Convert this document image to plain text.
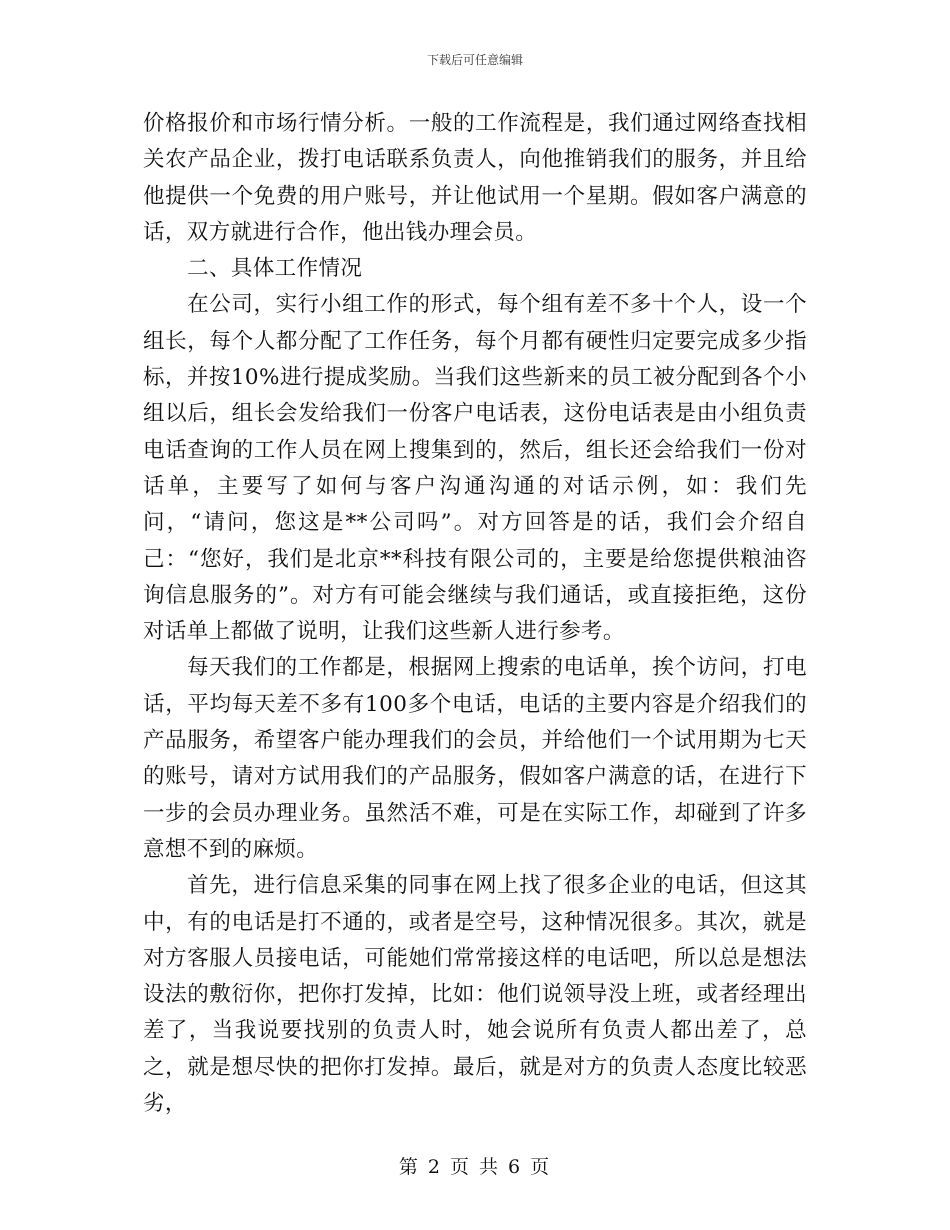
下载后可任意编辑

价格报价和市场行情分析。一般的工作流程是，我们通过网络查找相关农产品企业，拨打电话联系负责人，向他推销我们的服务，并且给他提供一个免费的用户账号，并让他试用一个星期。假如客户满意的话，双方就进行合作，他出钱办理会员。

二、具体工作情况

在公司，实行小组工作的形式，每个组有差不多十个人，设一个组长，每个人都分配了工作任务，每个月都有硬性归定要完成多少指标，并按10%进行提成奖励。当我们这些新来的员工被分配到各个小组以后，组长会发给我们一份客户电话表，这份电话表是由小组负责电话查询的工作人员在网上搜集到的，然后，组长还会给我们一份对话单，主要写了如何与客户沟通沟通的对话示例，如：我们先问，“请问，您这是**公司吗”。对方回答是的话，我们会介绍自己：“您好，我们是北京**科技有限公司的，主要是给您提供粮油咨询信息服务的”。对方有可能会继续与我们通话，或直接拒绝，这份对话单上都做了说明，让我们这些新人进行参考。

每天我们的工作都是，根据网上搜索的电话单，挨个访问，打电话，平均每天差不多有100多个电话，电话的主要内容是介绍我们的产品服务，希望客户能办理我们的会员，并给他们一个试用期为七天的账号，请对方试用我们的产品服务，假如客户满意的话，在进行下一步的会员办理业务。虽然活不难，可是在实际工作，却碰到了许多意想不到的麻烦。

首先，进行信息采集的同事在网上找了很多企业的电话，但这其中，有的电话是打不通的，或者是空号，这种情况很多。其次，就是对方客服人员接电话，可能她们常常接这样的电话吧，所以总是想法设法的敷衍你，把你打发掉，比如：他们说领导没上班，或者经理出差了，当我说要找别的负责人时，她会说所有负责人都出差了，总之，就是想尽快的把你打发掉。最后，就是对方的负责人态度比较恶劣，

第 2 页 共 6 页
